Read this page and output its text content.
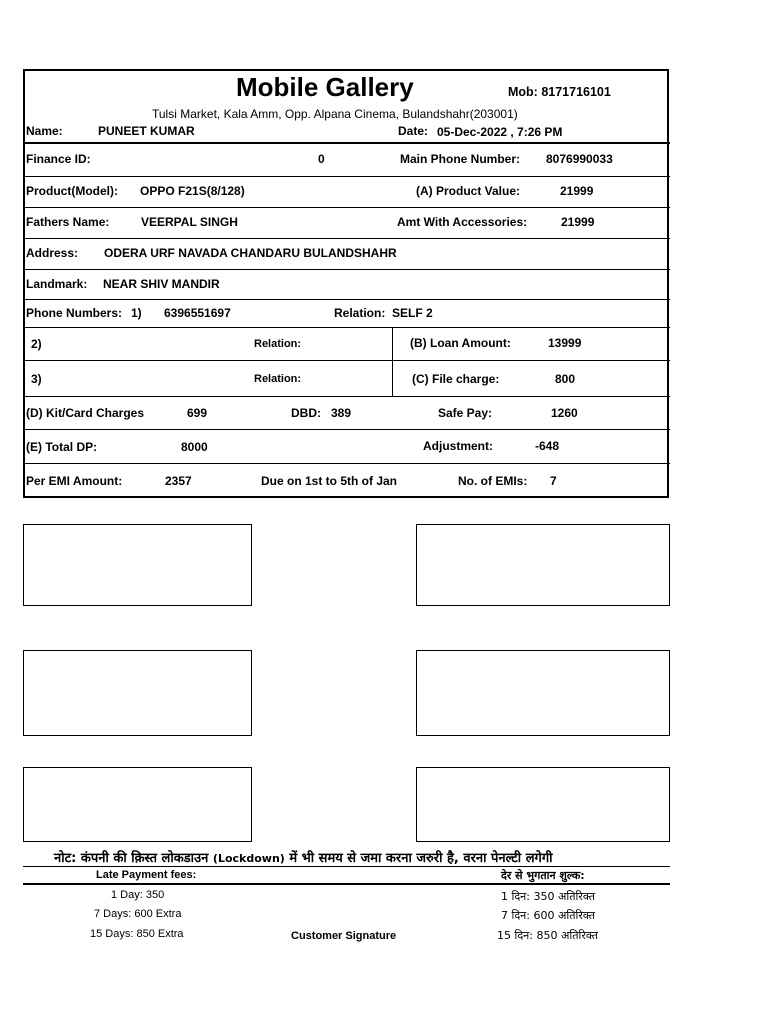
Mobile Gallery	Mob: 8171716101
Tulsi Market, Kala Amm, Opp. Alpana Cinema, Bulandshahr(203001)
Name:	PUNEET KUMAR	Date: 05-Dec-2022 , 7:26 PM
Finance ID:	0	Main Phone Number: 8076990033
Product(Model): OPPO F21S(8/128)	(A) Product Value:	21999
Fathers Name:	VEERPAL SINGH	Amt With Accessories:	21999
Address: ODERA URF NAVADA CHANDARU BULANDSHAHR
Landmark: NEAR SHIV MANDIR
Phone Numbers: 1) 6396551697	Relation: SELF 2
2)	Relation:	(B) Loan Amount:	13999
3)	Relation:	(C) File charge:	800
(D) Kit/Card Charges	699	DBD: 389	Safe Pay:	1260
(E) Total DP:	8000	Adjustment:	-648
Per EMI Amount:	2357	Due on 1st to 5th of Jan	No. of EMIs: 7
नोट: कंपनी की क़िस्त लोकडाउन (Lockdown) में भी समय से जमा करना जरुरी है, वरना पेनल्टी लगेगी
Late Payment fees:	देर से भुगतान शुल्क:
1 Day: 350
7 Days: 600 Extra
15 Days: 850 Extra
1 दिन: 350 अतिरिक्त
7 दिन: 600 अतिरिक्त
15 दिन: 850 अतिरिक्त
Customer Signature
